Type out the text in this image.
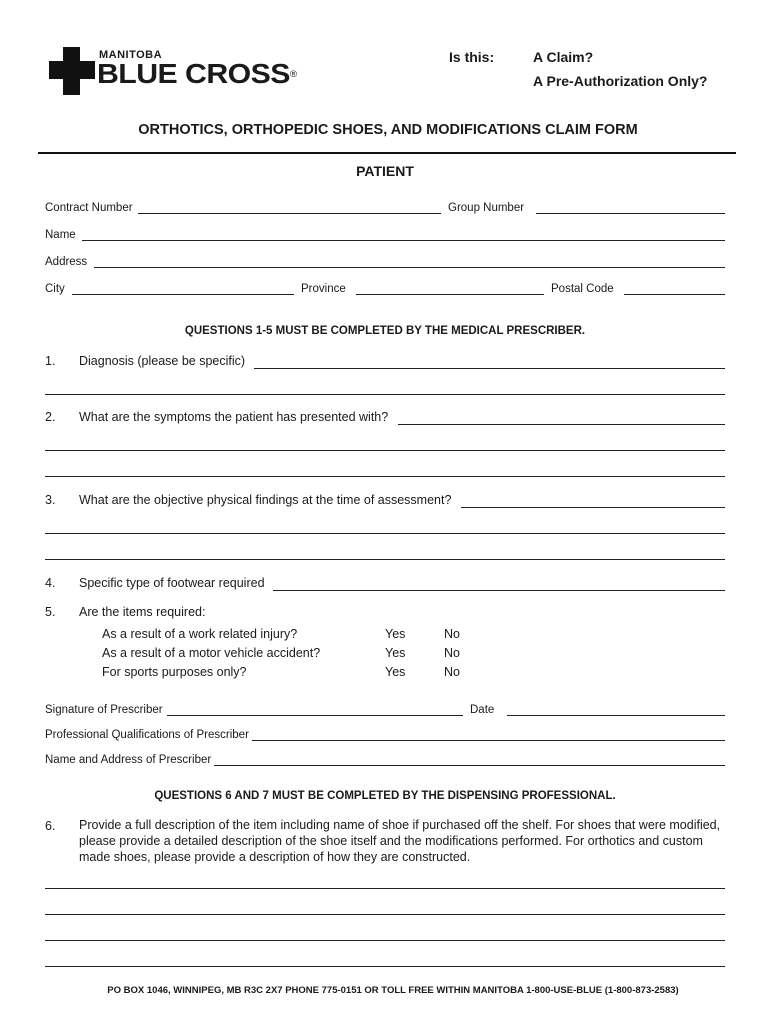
MANITOBA
BLUE CROSS®
Is this:	A Claim?
A Pre-Authorization Only?
ORTHOTICS, ORTHOPEDIC SHOES, AND MODIFICATIONS CLAIM FORM
PATIENT
Contract Number	Group Number
Name
Address
City	Province	Postal Code
QUESTIONS 1-5 MUST BE COMPLETED BY THE MEDICAL PRESCRIBER.
1. Diagnosis (please be specific)
2. What are the symptoms the patient has presented with?
3. What are the objective physical findings at the time of assessment?
4. Specific type of footwear required
5. Are the items required:
As a result of a work related injury?	Yes	No
As a result of a motor vehicle accident?	Yes	No
For sports purposes only?	Yes	No
Signature of Prescriber	Date
Professional Qualifications of Prescriber
Name and Address of Prescriber
QUESTIONS 6 AND 7 MUST BE COMPLETED BY THE DISPENSING PROFESSIONAL.
6. Provide a full description of the item including name of shoe if purchased off the shelf. For shoes that were modified,
please provide a detailed description of the shoe itself and the modifications performed. For orthotics and custom
made shoes, please provide a description of how they are constructed.
PO BOX 1046, WINNIPEG, MB R3C 2X7 PHONE 775-0151 OR TOLL FREE WITHIN MANITOBA 1-800-USE-BLUE (1-800-873-2583)
